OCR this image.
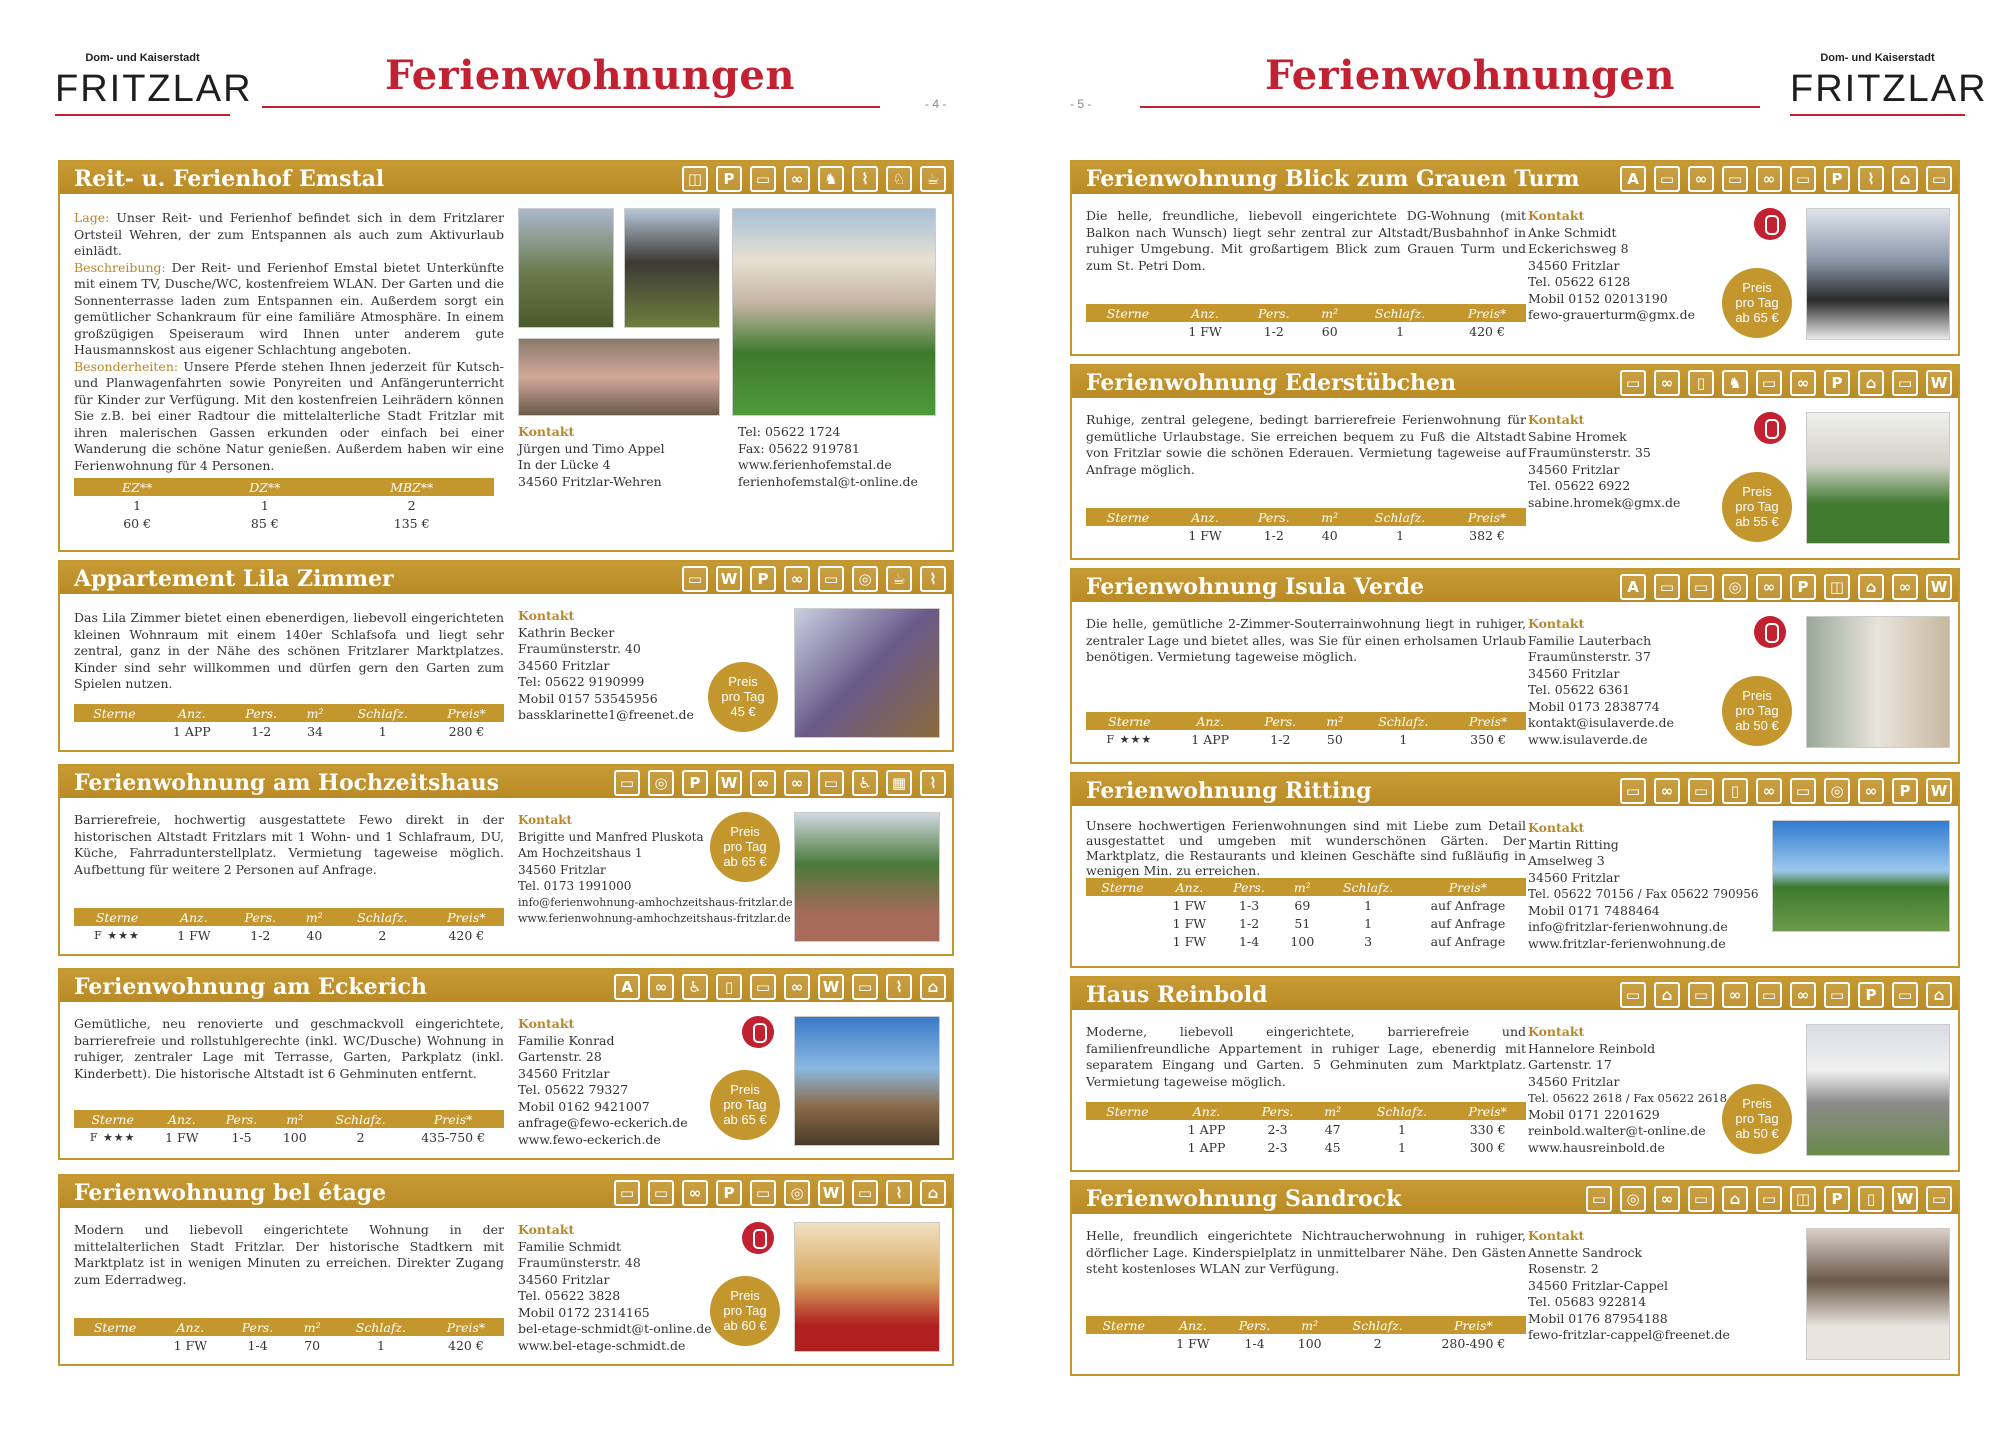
Dom- und Kaiserstadt
FRITZLAR	Ferienwohnungen
- 4 -
Reit- u. Ferienhof Emstal	◫	P	▭	∞	♞	⌇	♘	☕
Lage: Unser Reit- und Ferienhof befindet sich in dem Fritzlarer Ortsteil Wehren, der zum Entspannen als auch zum Aktivurlaub einlädt.
Beschreibung: Der Reit- und Ferienhof Emstal bietet Unterkünfte mit einem TV, Dusche/WC, kostenfreiem WLAN. Der Garten und die Sonnenterrasse laden zum Entspannen ein. Außerdem sorgt ein gemütlicher Schankraum für eine familiäre Atmosphäre. In einem großzügigen Speiseraum wird Ihnen unter anderem gute Hausmannskost aus eigener Schlachtung angeboten.
Besonderheiten: Unsere Pferde stehen Ihnen jederzeit für Kutsch- und Planwagenfahrten sowie Ponyreiten und Anfängerunterricht für Kinder zur Verfügung. Mit den kostenfreien Leihrädern können Sie z.B. bei einer Radtour die mittelalterliche Stadt Fritzlar mit ihren malerischen Gassen erkunden oder einfach bei einer Wanderung die schöne Natur genießen. Außerdem haben wir eine Ferienwohnung für 4 Personen.
EZ**	DZ**	MBZ**
1	1	2
60 €	85 €	135 €
Kontakt
Jürgen und Timo Appel
In der Lücke 4
34560 Fritzlar-Wehren
Tel: 05622 1724
Fax: 05622 919781
www.ferienhofemstal.de
ferienhofemstal@t-online.de
Appartement Lila Zimmer	▭	W	P	∞	▭	◎	☕	⌇
Das Lila Zimmer bietet einen ebenerdigen, liebevoll eingerichteten kleinen Wohnraum mit einem 140er Schlafsofa und liegt sehr zentral, ganz in der Nähe des schönen Fritzlarer Marktplatzes. Kinder sind sehr willkommen und dürfen gern den Garten zum Spielen nutzen.
Sterne	Anz.	Pers.	m²	Schlafz.	Preis*
	1 APP	1-2	34	1	280 €
Kontakt
Kathrin Becker
Fraumünsterstr. 40
34560 Fritzlar
Tel: 05622 9190999
Mobil 0157 53545956
bassklarinette1@freenet.de
Preis
pro Tag
45 €
Ferienwohnung am Hochzeitshaus	▭	◎	P	W	∞	∞	▭	♿	▦	⌇
Barrierefreie, hochwertig ausgestattete Fewo direkt in der historischen Altstadt Fritzlars mit 1 Wohn- und 1 Schlafraum, DU, Küche, Fahrradunterstellplatz. Vermietung tageweise möglich. Aufbettung für weitere 2 Personen auf Anfrage.
Sterne	Anz.	Pers.	m²	Schlafz.	Preis*
F ★★★	1 FW	1-2	40	2	420 €
Kontakt
Brigitte und Manfred Pluskota
Am Hochzeitshaus 1
34560 Fritzlar
Tel. 0173 1991000
info@ferienwohnung-amhochzeitshaus-fritzlar.de
www.ferienwohnung-amhochzeitshaus-fritzlar.de
Preis
pro Tag
ab 65 €
Ferienwohnung am Eckerich	A	∞	♿	▯	▭	∞	W	▭	⌇	⌂
Gemütliche, neu renovierte und geschmackvoll eingerichtete, barrierefreie und rollstuhlgerechte (inkl. WC/Dusche) Wohnung in ruhiger, zentraler Lage mit Terrasse, Garten, Parkplatz (inkl. Kinderbett). Die historische Altstadt ist 6 Gehminuten entfernt.
Sterne	Anz.	Pers.	m²	Schlafz.	Preis*
F ★★★	1 FW	1-5	100	2	435-750 €
Kontakt
Familie Konrad
Gartenstr. 28
34560 Fritzlar
Tel. 05622 79327
Mobil 0162 9421007
anfrage@fewo-eckerich.de
www.fewo-eckerich.de
Preis
pro Tag
ab 65 €
Ferienwohnung bel étage	▭	▭	∞	P	▭	◎	W	▭	⌇	⌂
Modern und liebevoll eingerichtete Wohnung in der mittelalterlichen Stadt Fritzlar. Der historische Stadtkern mit Marktplatz ist in wenigen Minuten zu erreichen. Direkter Zugang zum Ederradweg.
Sterne	Anz.	Pers.	m²	Schlafz.	Preis*
	1 FW	1-4	70	1	420 €
Kontakt
Familie Schmidt
Fraumünsterstr. 48
34560 Fritzlar
Tel. 05622 3828
Mobil 0172 2314165
bel-etage-schmidt@t-online.de
www.bel-etage-schmidt.de
Preis
pro Tag
ab 60 €
Dom- und Kaiserstadt
FRITZLAR
Ferienwohnungen
- 5 -
Ferienwohnung Blick zum Grauen Turm	A	▭	∞	▭	∞	▭	P	⌇	⌂	▭
Die helle, freundliche, liebevoll eingerichtete DG-Wohnung (mit Balkon nach Wunsch) liegt sehr zentral zur Altstadt/Busbahnhof in ruhiger Umgebung. Mit großartigem Blick zum Grauen Turm und zum St. Petri Dom.
Sterne	Anz.	Pers.	m²	Schlafz.	Preis*
	1 FW	1-2	60	1	420 €
Kontakt
Anke Schmidt
Eckerichsweg 8
34560 Fritzlar
Tel. 05622 6128
Mobil 0152 02013190
fewo-grauerturm@gmx.de
Preis
pro Tag
ab 65 €
Ferienwohnung Ederstübchen	▭	∞	▯	♞	▭	∞	P	⌂	▭	W
Ruhige, zentral gelegene, bedingt barrierefreie Ferienwohnung für gemütliche Urlaubstage. Sie erreichen bequem zu Fuß die Altstadt von Fritzlar sowie die schönen Ederauen. Vermietung tageweise auf Anfrage möglich.
Sterne	Anz.	Pers.	m²	Schlafz.	Preis*
	1 FW	1-2	40	1	382 €
Kontakt
Sabine Hromek
Fraumünsterstr. 35
34560 Fritzlar
Tel. 05622 6922
sabine.hromek@gmx.de
Preis
pro Tag
ab 55 €
Ferienwohnung Isula Verde	A	▭	▭	◎	∞	P	◫	⌂	∞	W
Die helle, gemütliche 2-Zimmer-Souterrainwohnung liegt in ruhiger, zentraler Lage und bietet alles, was Sie für einen erholsamen Urlaub benötigen. Vermietung tageweise möglich.
Sterne	Anz.	Pers.	m²	Schlafz.	Preis*
F ★★★	1 APP	1-2	50	1	350 €
Kontakt
Familie Lauterbach
Fraumünsterstr. 37
34560 Fritzlar
Tel. 05622 6361
Mobil 0173 2838774
kontakt@isulaverde.de
www.isulaverde.de
Preis
pro Tag
ab 50 €
Ferienwohnung Ritting	▭	∞	▭	▯	∞	▭	◎	∞	P	W
Unsere hochwertigen Ferienwohnungen sind mit Liebe zum Detail ausgestattet und umgeben mit wunderschönen Gärten. Der Marktplatz, die Restaurants und kleinen Geschäfte sind fußläufig in wenigen Min. zu erreichen.
Sterne	Anz.	Pers.	m²	Schlafz.	Preis*
	1 FW	1-3	69	1	auf Anfrage
	1 FW	1-2	51	1	auf Anfrage
	1 FW	1-4	100	3	auf Anfrage
Kontakt
Martin Ritting
Amselweg 3
34560 Fritzlar
Tel. 05622 70156 / Fax 05622 790956
Mobil 0171 7488464
info@fritzlar-ferienwohnung.de
www.fritzlar-ferienwohnung.de
Haus Reinbold	▭	⌂	▭	∞	▭	∞	▭	P	▭	⌂
Moderne, liebevoll eingerichtete, barrierefreie und familienfreundliche Appartement in ruhiger Lage, ebenerdig mit separatem Eingang und Garten. 5 Gehminuten zum Marktplatz. Vermietung tageweise möglich.
Sterne	Anz.	Pers.	m²	Schlafz.	Preis*
	1 APP	2-3	47	1	330 €
	1 APP	2-3	45	1	300 €
Kontakt
Hannelore Reinbold
Gartenstr. 17
34560 Fritzlar
Tel. 05622 2618 / Fax 05622 2618
Mobil 0171 2201629
reinbold.walter@t-online.de
www.hausreinbold.de
Preis
pro Tag
ab 50 €
Ferienwohnung Sandrock	▭	◎	∞	▭	⌂	▭	◫	P	▯	W	▭
Helle, freundlich eingerichtete Nichtraucherwohnung in ruhiger, dörflicher Lage. Kinderspielplatz in unmittelbarer Nähe. Den Gästen steht kostenloses WLAN zur Verfügung.
Sterne	Anz.	Pers.	m²	Schlafz.	Preis*
	1 FW	1-4	100	2	280-490 €
Kontakt
Annette Sandrock
Rosenstr. 2
34560 Fritzlar-Cappel
Tel. 05683 922814
Mobil 0176 87954188
fewo-fritzlar-cappel@freenet.de
